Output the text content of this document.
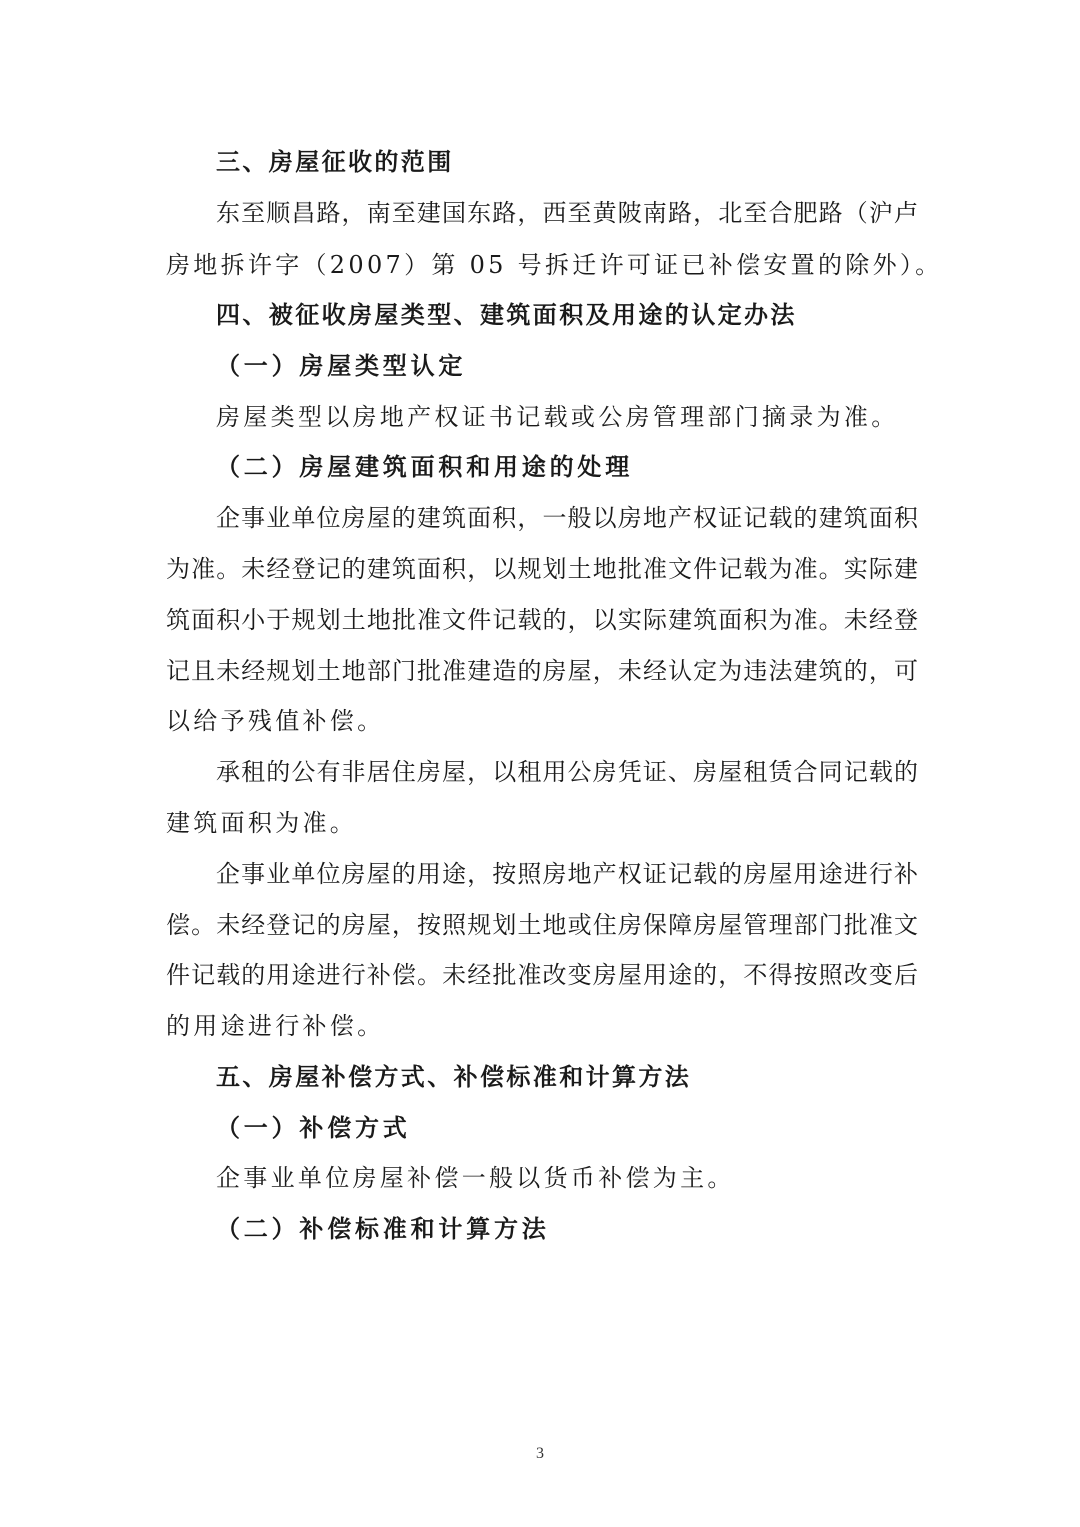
三、房屋征收的范围
东至顺昌路，南至建国东路，西至黄陂南路，北至合肥路（沪卢
房地拆许字（2007）第 05 号拆迁许可证已补偿安置的除外）。
四、被征收房屋类型、建筑面积及用途的认定办法
（一）房屋类型认定
房屋类型以房地产权证书记载或公房管理部门摘录为准。
（二）房屋建筑面积和用途的处理
企事业单位房屋的建筑面积，一般以房地产权证记载的建筑面积
为准。未经登记的建筑面积，以规划土地批准文件记载为准。实际建
筑面积小于规划土地批准文件记载的，以实际建筑面积为准。未经登
记且未经规划土地部门批准建造的房屋，未经认定为违法建筑的，可
以给予残值补偿。
承租的公有非居住房屋，以租用公房凭证、房屋租赁合同记载的
建筑面积为准。
企事业单位房屋的用途，按照房地产权证记载的房屋用途进行补
偿。未经登记的房屋，按照规划土地或住房保障房屋管理部门批准文
件记载的用途进行补偿。未经批准改变房屋用途的，不得按照改变后
的用途进行补偿。
五、房屋补偿方式、补偿标准和计算方法
（一）补偿方式
企事业单位房屋补偿一般以货币补偿为主。
（二）补偿标准和计算方法
3
